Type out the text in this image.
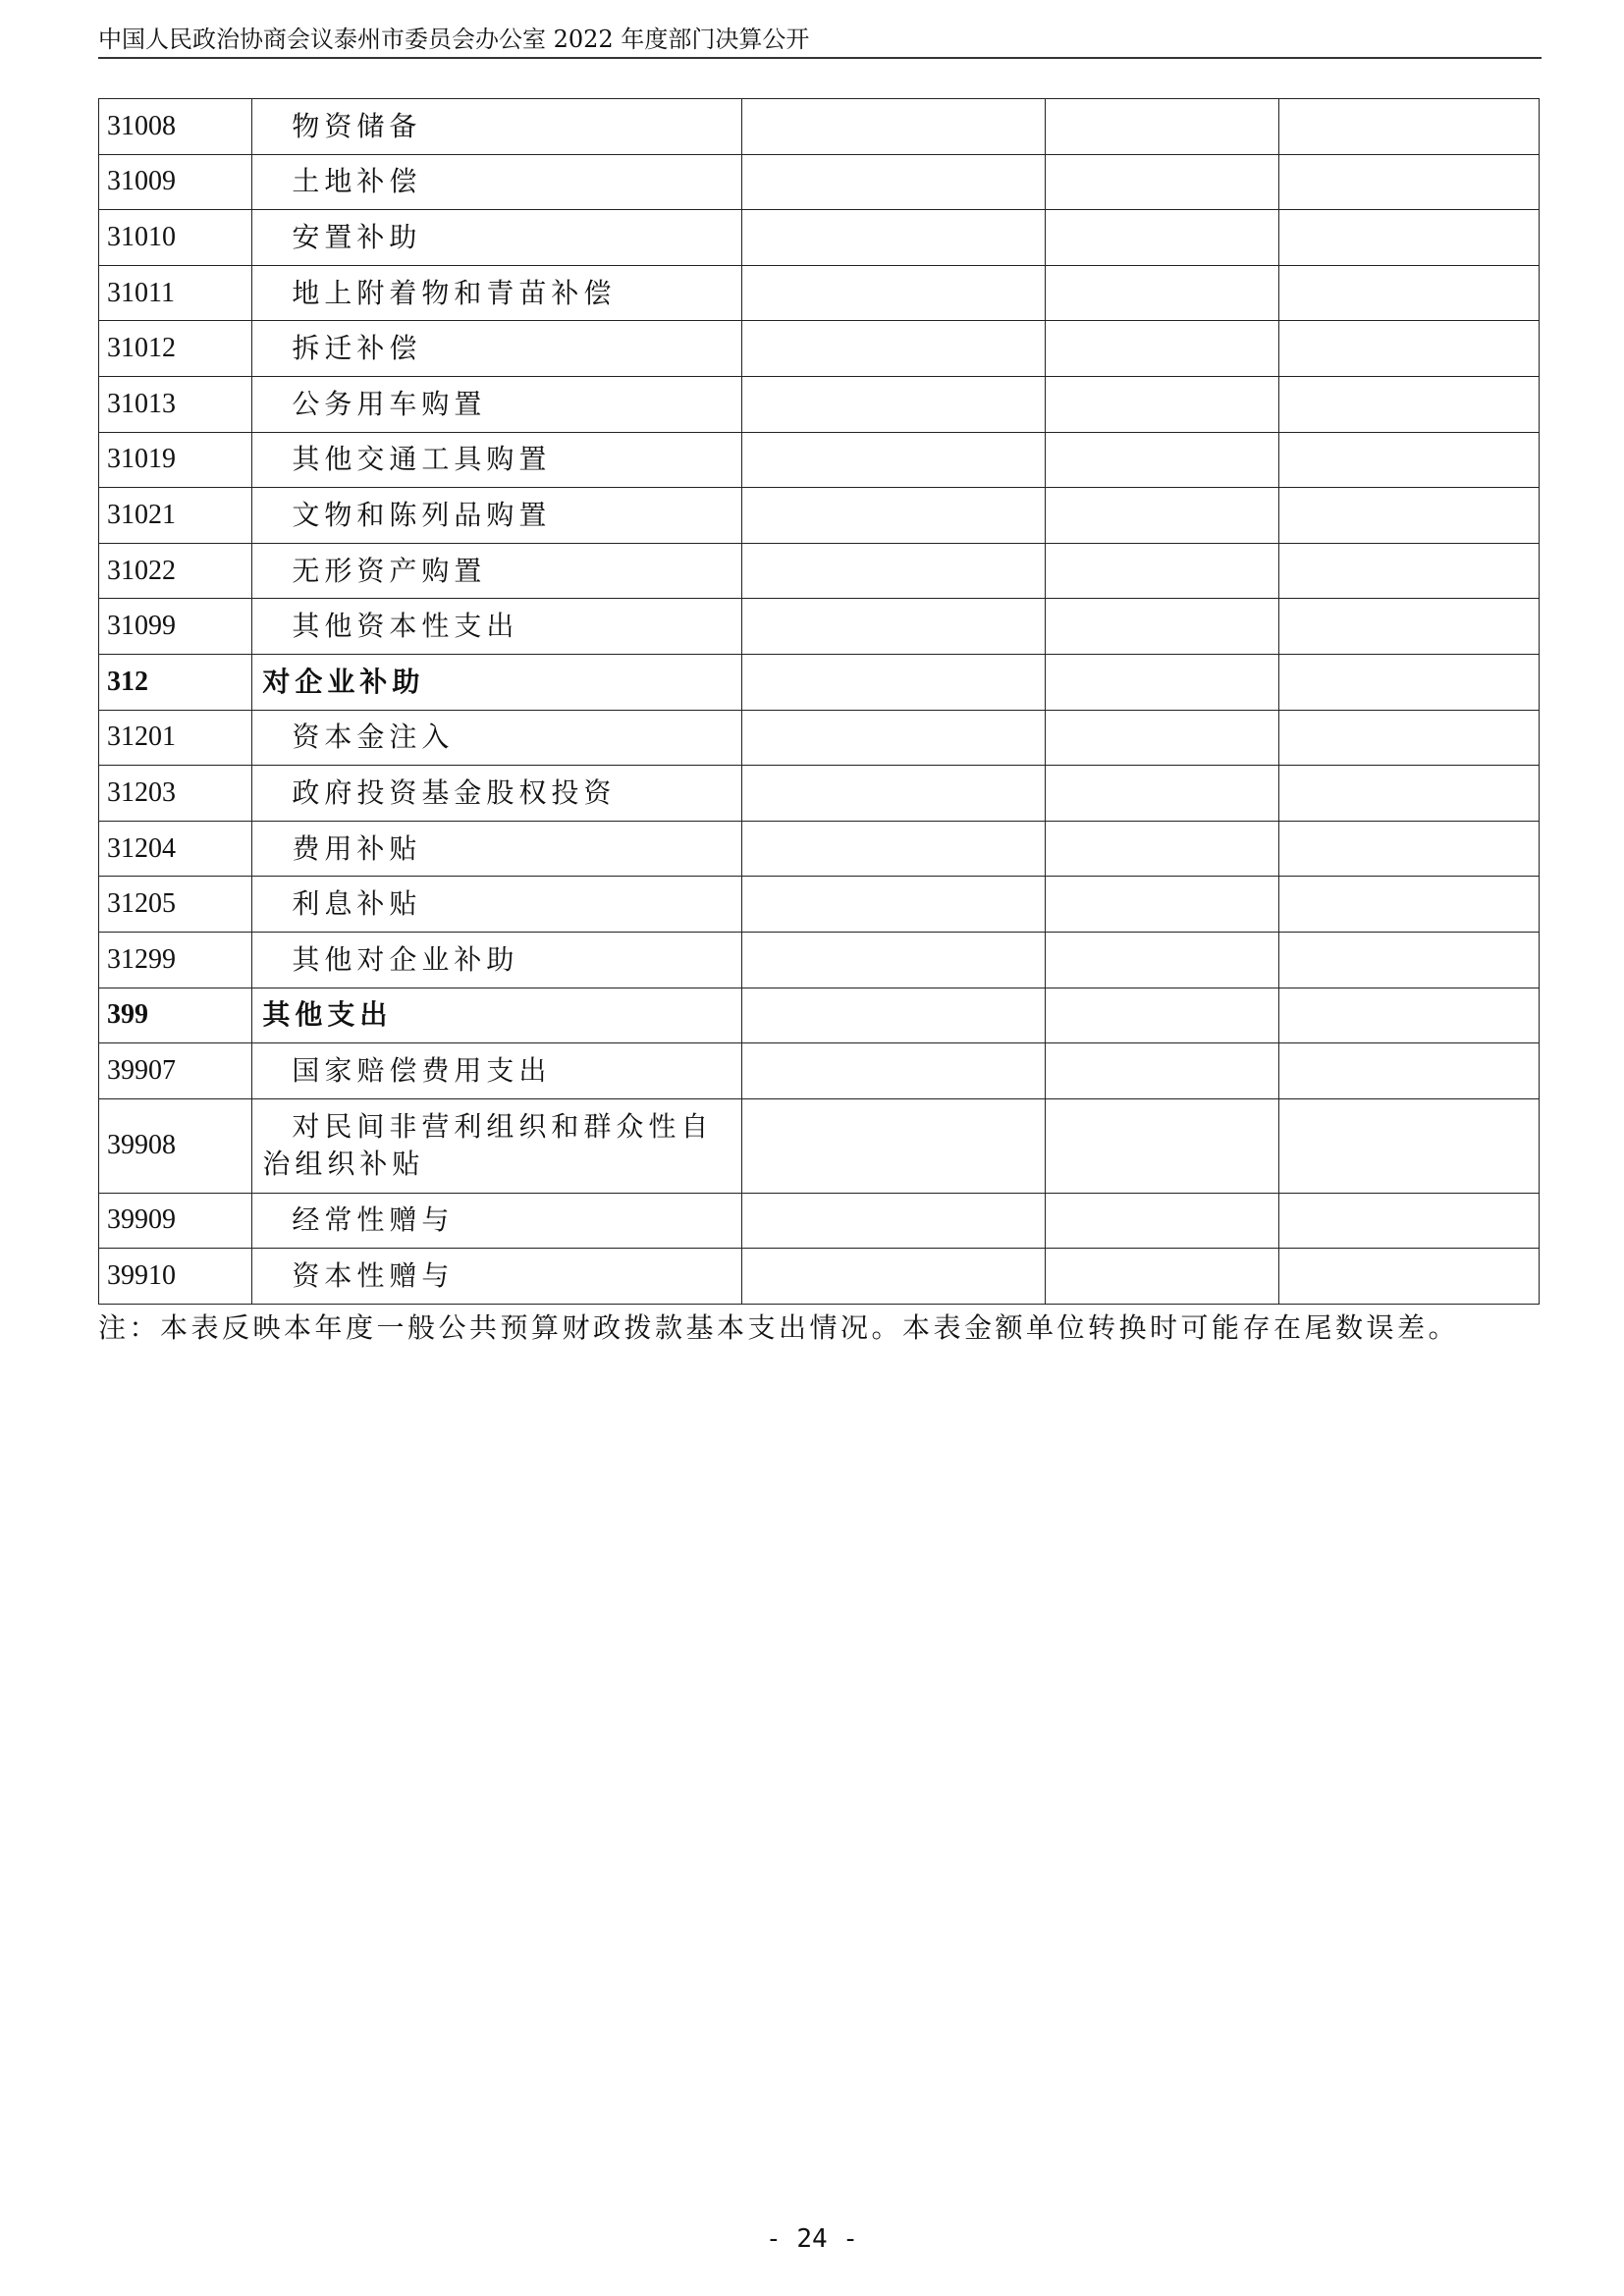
中国人民政治协商会议泰州市委员会办公室 2022 年度部门决算公开
31008	物资储备			
31009	土地补偿			
31010	安置补助			
31011	地上附着物和青苗补偿			
31012	拆迁补偿			
31013	公务用车购置			
31019	其他交通工具购置			
31021	文物和陈列品购置			
31022	无形资产购置			
31099	其他资本性支出			
312	对企业补助			
31201	资本金注入			
31203	政府投资基金股权投资			
31204	费用补贴			
31205	利息补贴			
31299	其他对企业补助			
399	其他支出			
39907	国家赔偿费用支出			
39908	对民间非营利组织和群众性自治组织补贴			
39909	经常性赠与			
39910	资本性赠与			
注：本表反映本年度一般公共预算财政拨款基本支出情况。本表金额单位转换时可能存在尾数误差。
- 24 -
